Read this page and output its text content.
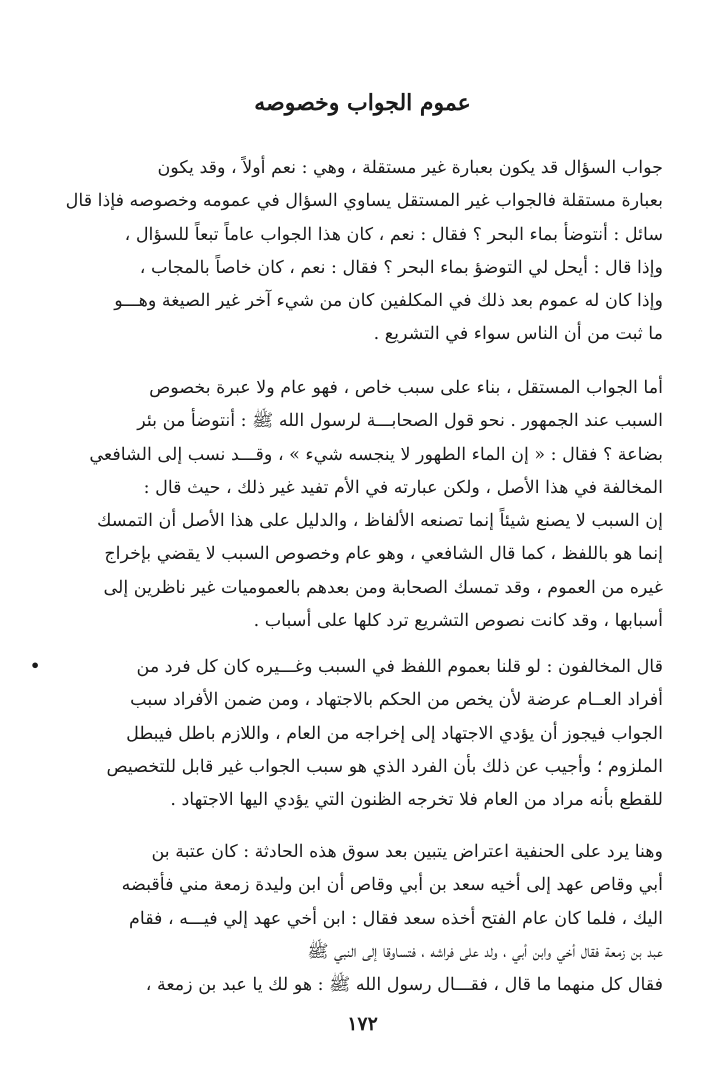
عموم الجواب وخصوصه
جواب السؤال قد يكون بعبارة غير مستقلة ، وهي : نعم أولاً ، وقد يكون
بعبارة مستقلة فالجواب غير المستقل يساوي السؤال في عمومه وخصوصه فإذا قال
سائل : أنتوضأ بماء البحر ؟ فقال : نعم ، كان هذا الجواب عاماً تبعاً للسؤال ،
وإذا قال : أيحل لي التوضؤ بماء البحر ؟ فقال : نعم ، كان خاصاً بالمجاب ،
وإذا كان له عموم بعد ذلك في المكلفين كان من شيء آخر غير الصيغة وهـــو
ما ثبت من أن الناس سواء في التشريع .
أما الجواب المستقل ، بناء على سبب خاص ، فهو عام ولا عبرة بخصوص
السبب عند الجمهور . نحو قول الصحابـــة لرسول الله ﷺ : أنتوضأ من بئر
بضاعة ؟ فقال : « إن الماء الطهور لا ينجسه شيء » ، وقـــد نسب إلى الشافعي
المخالفة في هذا الأصل ، ولكن عبارته في الأم تفيد غير ذلك ، حيث قال :
إن السبب لا يصنع شيئاً إنما تصنعه الألفاظ ، والدليل على هذا الأصل أن التمسك
إنما هو باللفظ ، كما قال الشافعي ، وهو عام وخصوص السبب لا يقضي بإخراج
غيره من العموم ، وقد تمسك الصحابة ومن بعدهم بالعموميات غير ناظرين إلى
أسبابها ، وقد كانت نصوص التشريع ترد كلها على أسباب .
•	قال المخالفون : لو قلنا بعموم اللفظ في السبب وغـــيره كان كل فرد من
أفراد العــام عرضة لأن يخص من الحكم بالاجتهاد ، ومن ضمن الأفراد سبب
الجواب فيجوز أن يؤدي الاجتهاد إلى إخراجه من العام ، واللازم باطل فيبطل
الملزوم ؛ وأجيب عن ذلك بأن الفرد الذي هو سبب الجواب غير قابل للتخصيص
للقطع بأنه مراد من العام فلا تخرجه الظنون التي يؤدي اليها الاجتهاد .
وهنا يرد على الحنفية اعتراض يتبين بعد سوق هذه الحادثة : كان عتبة بن
أبي وقاص عهد إلى أخيه سعد بن أبي وقاص أن ابن وليدة زمعة مني فأقبضه
اليك ، فلما كان عام الفتح أخذه سعد فقال : ابن أخي عهد إلي فيـــه ، فقام
عبد بن زمعة فقال أخي وابن أبي ، ولد على فراشه ، فتساوقا إلى النبي ﷺ
فقال كل منهما ما قال ، فقـــال رسول الله ﷺ : هو لك يا عبد بن زمعة ،
١٧٢
